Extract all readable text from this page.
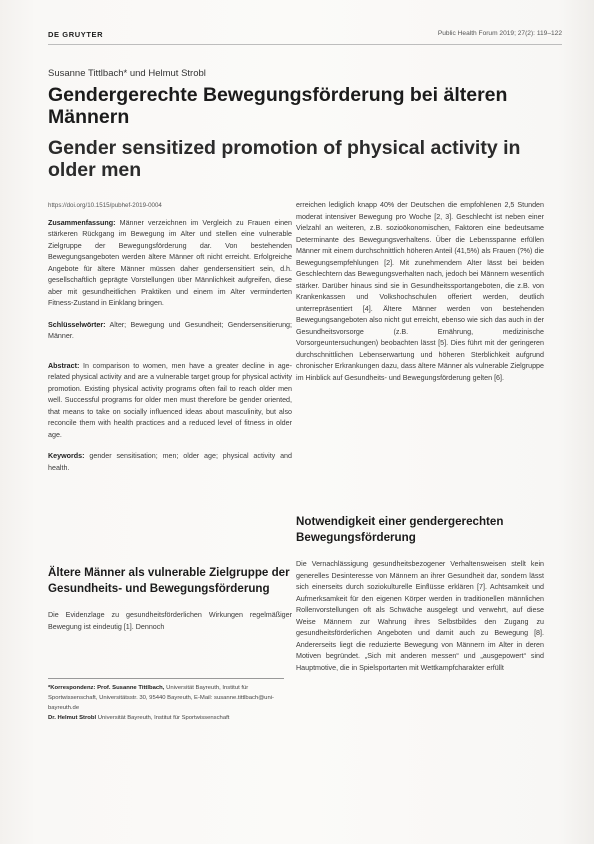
DE GRUYTER	Public Health Forum 2019; 27(2): 119–122
Susanne Tittlbach* und Helmut Strobl
Gendergerechte Bewegungsförderung bei älteren Männern
Gender sensitized promotion of physical activity in older men
https://doi.org/10.1515/pubhef-2019-0004

Zusammenfassung: Männer verzeichnen im Vergleich zu Frauen einen stärkeren Rückgang im Bewegung im Alter und stellen eine vulnerable Zielgruppe der Bewegungsförderung dar. Von bestehenden Bewegungsangeboten werden ältere Männer oft nicht erreicht. Erfolgreiche Angebote für ältere Männer müssen daher gendersensitiert sein, d.h. gesellschaftlich geprägte Vorstellungen über Männlichkeit aufgreifen, diese aber mit gesundheitlichen Praktiken und einem im Alter verminderten Fitness-Zustand in Einklang bringen.

Schlüsselwörter: Alter; Bewegung und Gesundheit; Gendersensitierung; Männer.

Abstract: In comparison to women, men have a greater decline in age-related physical activity and are a vulnerable target group for physical activity promotion. Existing physical activity programs often fail to reach older men well. Successful programs for older men must therefore be gender oriented, that means to take on socially influenced ideas about masculinity, but also reconcile them with health practices and a reduced level of fitness in older age.

Keywords: gender sensitisation; men; older age; physical activity and health.

Ältere Männer als vulnerable Zielgruppe der Gesundheits- und Bewegungsförderung

Die Evidenzlage zu gesundheitsförderlichen Wirkungen regelmäßiger Bewegung ist eindeutig [1]. Dennoch

*Korrespondenz: Prof. Susanne Tittlbach, Universität Bayreuth, Institut für Sportwissenschaft, Universitätsstr. 30, 95440 Bayreuth, E-Mail: susanne.tittlbach@uni-bayreuth.de
Dr. Helmut Strobl Universität Bayreuth, Institut für Sportwissenschaft

erreichen lediglich knapp 40% der Deutschen die empfohlenen 2,5 Stunden moderat intensiver Bewegung pro Woche [2, 3]. Geschlecht ist neben einer Vielzahl an weiteren, z.B. sozioökonomischen, Faktoren eine bedeutsame Determinante des Bewegungsverhaltens. Über die Lebensspanne erfüllen Männer mit einem durchschnittlich höheren Anteil (41,5%) als Frauen (?%) die Bewegungsempfehlungen [2]. Mit zunehmendem Alter lässt bei beiden Geschlechtern das Bewegungsverhalten nach, jedoch bei Männern wesentlich stärker. Darüber hinaus sind sie in Gesundheitssportangeboten, die z.B. von Krankenkassen und Volkshochschulen offeriert werden, deutlich unterrepräsentiert [4]. Ältere Männer werden von bestehenden Bewegungsangeboten also nicht gut erreicht, ebenso wie sich das auch in der Gesundheitsvorsorge (z.B. Ernährung, medizinische Vorsorgeuntersuchungen) beobachten lässt [5]. Dies führt mit der geringeren durchschnittlichen Lebenserwartung und höheren Sterblichkeit aufgrund chronischer Erkrankungen dazu, dass ältere Männer als vulnerable Zielgruppe im Hinblick auf Gesundheits- und Bewegungsförderung gelten [6].

Notwendigkeit einer gendergerechten Bewegungsförderung

Die Vernachlässigung gesundheitsbezogener Verhaltensweisen stellt kein generelles Desinteresse von Männern an ihrer Gesundheit dar, sondern lässt sich einerseits durch soziokulturelle Einflüsse erklären [7]. Achtsamkeit und Aufmerksamkeit für den eigenen Körper werden in traditionellen männlichen Rollenvorstellungen oft als Schwäche ausgelegt und verwehrt, auf diese Weise Männern zur Wahrung ihres Selbstbildes den Zugang zu gesundheitsförderlichen Angeboten und damit auch zu Bewegung [8]. Andererseits liegt die reduzierte Bewegung von Männern im Alter in deren Motiven begründet. „Sich mit anderen messen“ und „ausgepowert“ sind Hauptmotive, die in Spielsportarten mit Wettkampfcharakter erfüllt
